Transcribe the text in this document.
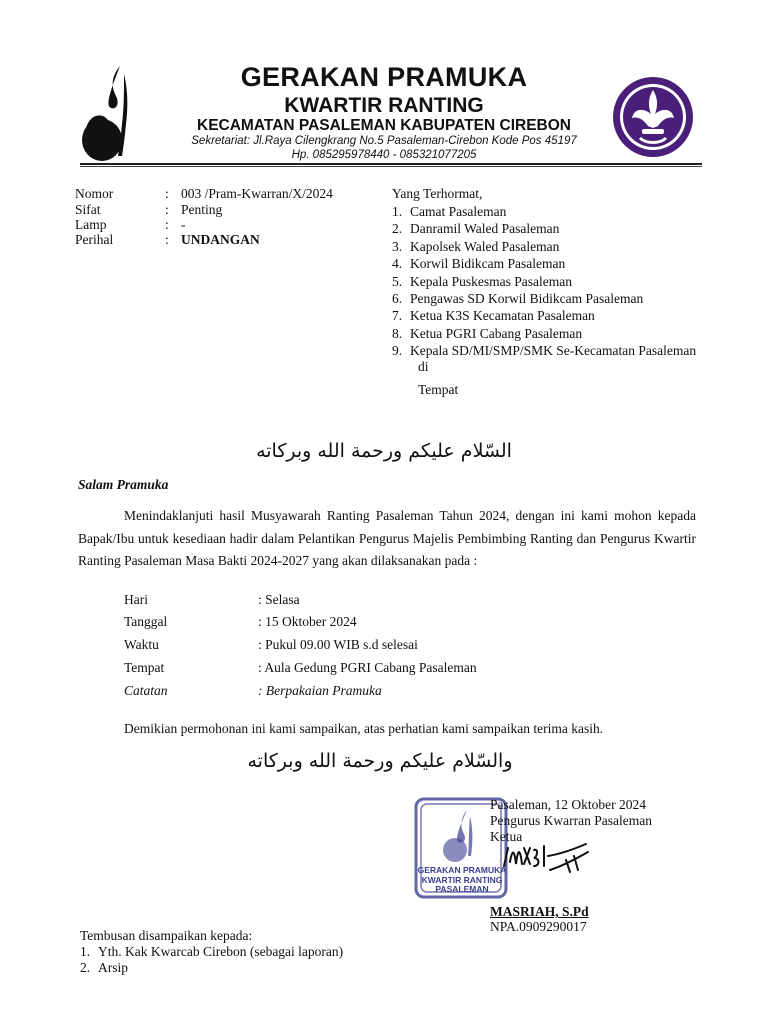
GERAKAN PRAMUKA
KWARTIR RANTING
KECAMATAN PASALEMAN KABUPATEN CIREBON
Sekretariat: Jl.Raya Cilengkrang No.5 Pasaleman-Cirebon Kode Pos 45197
Hp. 085295978440 - 085321077205
Nomor	: 003 /Pram-Kwarran/X/2024
Sifat	: Penting
Lamp	: -
Perihal	: UNDANGAN
Yang Terhormat,
1. Camat Pasaleman
2. Danramil Waled Pasaleman
3. Kapolsek Waled Pasaleman
4. Korwil Bidikcam Pasaleman
5. Kepala Puskesmas Pasaleman
6. Pengawas SD Korwil Bidikcam Pasaleman
7. Ketua K3S Kecamatan Pasaleman
8. Ketua PGRI Cabang Pasaleman
9. Kepala SD/MI/SMP/SMK Se-Kecamatan Pasaleman
di
Tempat
السّلام عليكم ورحمة الله وبركاته
Salam Pramuka
Menindaklanjuti hasil Musyawarah Ranting Pasaleman Tahun 2024, dengan ini kami mohon kepada Bapak/Ibu untuk kesediaan hadir dalam Pelantikan Pengurus Majelis Pembimbing Ranting dan Pengurus Kwartir Ranting Pasaleman Masa Bakti 2024-2027 yang akan dilaksanakan pada :
Hari	: Selasa
Tanggal	: 15 Oktober 2024
Waktu	: Pukul 09.00 WIB s.d selesai
Tempat	: Aula Gedung PGRI Cabang Pasaleman
Catatan	: Berpakaian Pramuka
Demikian permohonan ini kami sampaikan, atas perhatian kami sampaikan terima kasih.
والسّلام عليكم ورحمة الله وبركاته
GERAKAN PRAMUKA
KWARTIR RANTING
PASALEMAN
Pasaleman, 12 Oktober 2024
Pengurus Kwarran Pasaleman
Ketua
MASRIAH, S.Pd
NPA.0909290017
Tembusan disampaikan kepada:
1. Yth. Kak Kwarcab Cirebon (sebagai laporan)
2. Arsip
